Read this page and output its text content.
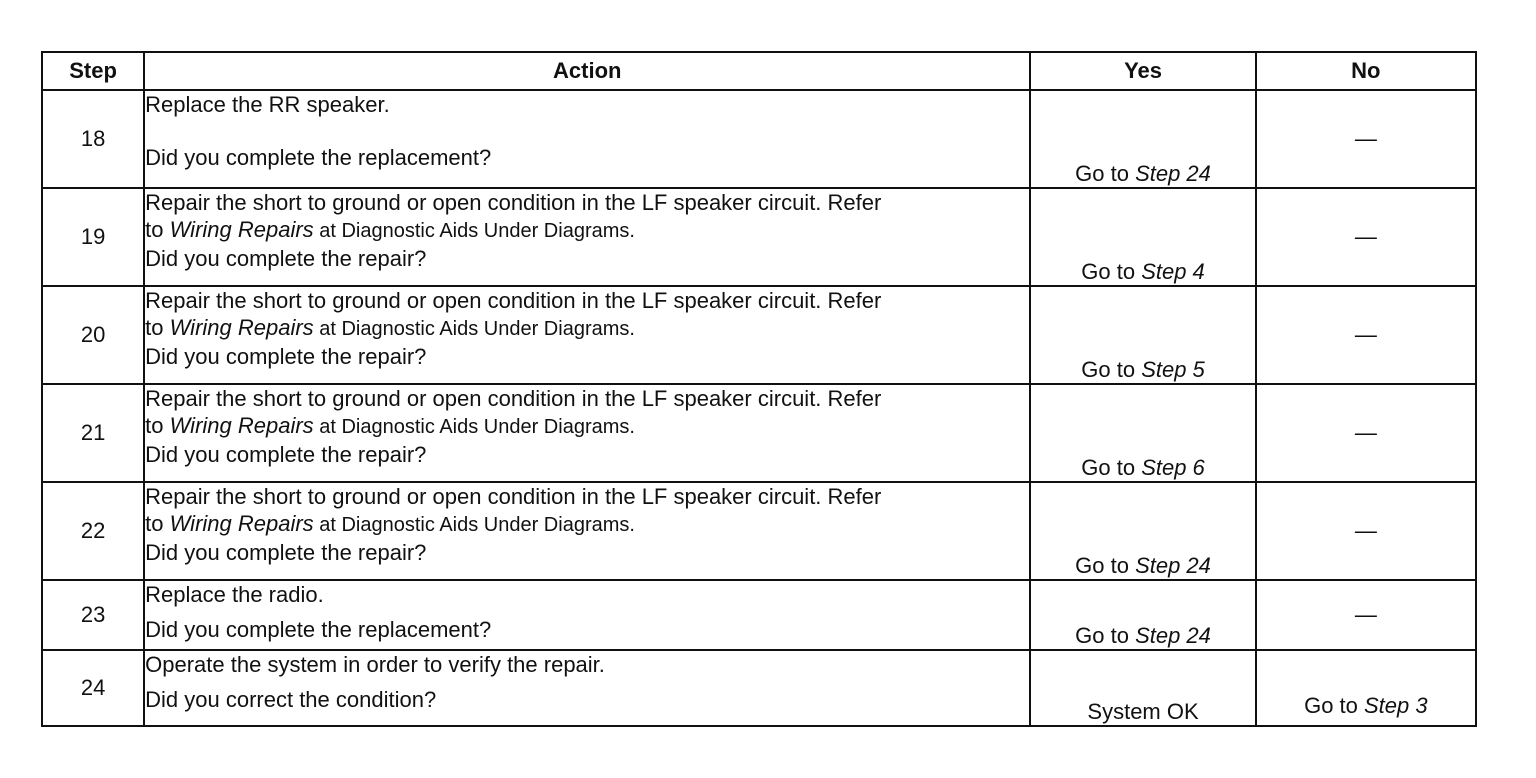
Step	Action	Yes	No
18	Replace the RR speaker.
Did you complete the replacement?	Go to Step 24	—
19	Repair the short to ground or open condition in the LF speaker circuit. Refer
to Wiring Repairs at Diagnostic Aids Under Diagrams.
Did you complete the repair?	Go to Step 4	—
20	Repair the short to ground or open condition in the LF speaker circuit. Refer
to Wiring Repairs at Diagnostic Aids Under Diagrams.
Did you complete the repair?	Go to Step 5	—
21	Repair the short to ground or open condition in the LF speaker circuit. Refer
to Wiring Repairs at Diagnostic Aids Under Diagrams.
Did you complete the repair?	Go to Step 6	—
22	Repair the short to ground or open condition in the LF speaker circuit. Refer
to Wiring Repairs at Diagnostic Aids Under Diagrams.
Did you complete the repair?	Go to Step 24	—
23	Replace the radio.
Did you complete the replacement?	Go to Step 24	—
24	Operate the system in order to verify the repair.
Did you correct the condition?	System OK	Go to Step 3
